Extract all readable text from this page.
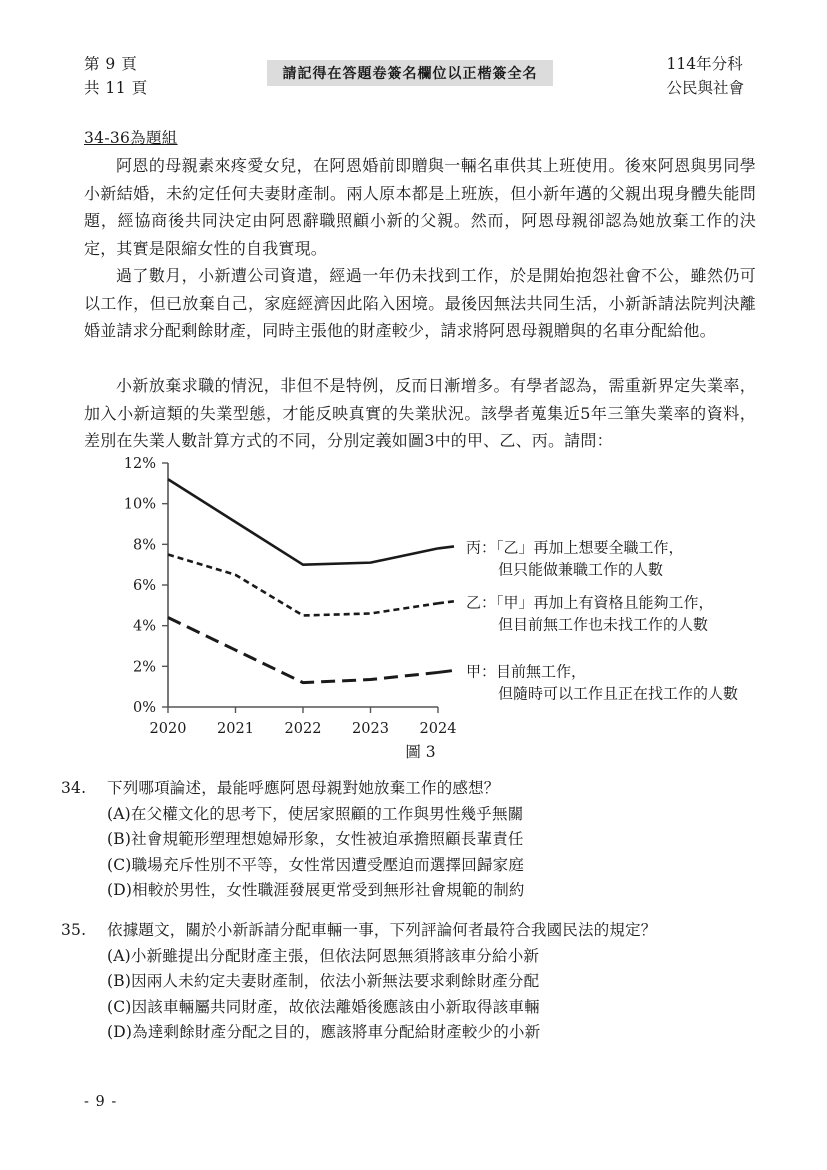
第 9 頁
共 11 頁
請記得在答題卷簽名欄位以正楷簽全名
114年分科
公民與社會
34-36為題組
阿恩的母親素來疼愛女兒，在阿恩婚前即贈與一輛名車供其上班使用。後來阿恩與男同學小新結婚，未約定任何夫妻財產制。兩人原本都是上班族，但小新年邁的父親出現身體失能問題，經協商後共同決定由阿恩辭職照顧小新的父親。然而，阿恩母親卻認為她放棄工作的決定，其實是限縮女性的自我實現。
過了數月，小新遭公司資遣，經過一年仍未找到工作，於是開始抱怨社會不公，雖然仍可以工作，但已放棄自己，家庭經濟因此陷入困境。最後因無法共同生活，小新訴請法院判決離婚並請求分配剩餘財產，同時主張他的財產較少，請求將阿恩母親贈與的名車分配給他。
小新放棄求職的情況，非但不是特例，反而日漸增多。有學者認為，需重新界定失業率，加入小新這類的失業型態，才能反映真實的失業狀況。該學者蒐集近5年三筆失業率的資料，差別在失業人數計算方式的不同，分別定義如圖3中的甲、乙、丙。請問：
0%
2%
4%
6%
8%
10%
12%
2020 2021 2022 2023 2024
丙：「乙」再加上想要全職工作，
但只能做兼職工作的人數
乙：「甲」再加上有資格且能夠工作，
但目前無工作也未找工作的人數
甲：目前無工作，
但隨時可以工作且正在找工作的人數
圖 3
34. 下列哪項論述，最能呼應阿恩母親對她放棄工作的感想？
(A)在父權文化的思考下，使居家照顧的工作與男性幾乎無關
(B)社會規範形塑理想媳婦形象，女性被迫承擔照顧長輩責任
(C)職場充斥性別不平等，女性常因遭受壓迫而選擇回歸家庭
(D)相較於男性，女性職涯發展更常受到無形社會規範的制約
35. 依據題文，關於小新訴請分配車輛一事，下列評論何者最符合我國民法的規定？
(A)小新雖提出分配財產主張，但依法阿恩無須將該車分給小新
(B)因兩人未約定夫妻財產制，依法小新無法要求剩餘財產分配
(C)因該車輛屬共同財產，故依法離婚後應該由小新取得該車輛
(D)為達剩餘財產分配之目的，應該將車分配給財產較少的小新
- 9 -
